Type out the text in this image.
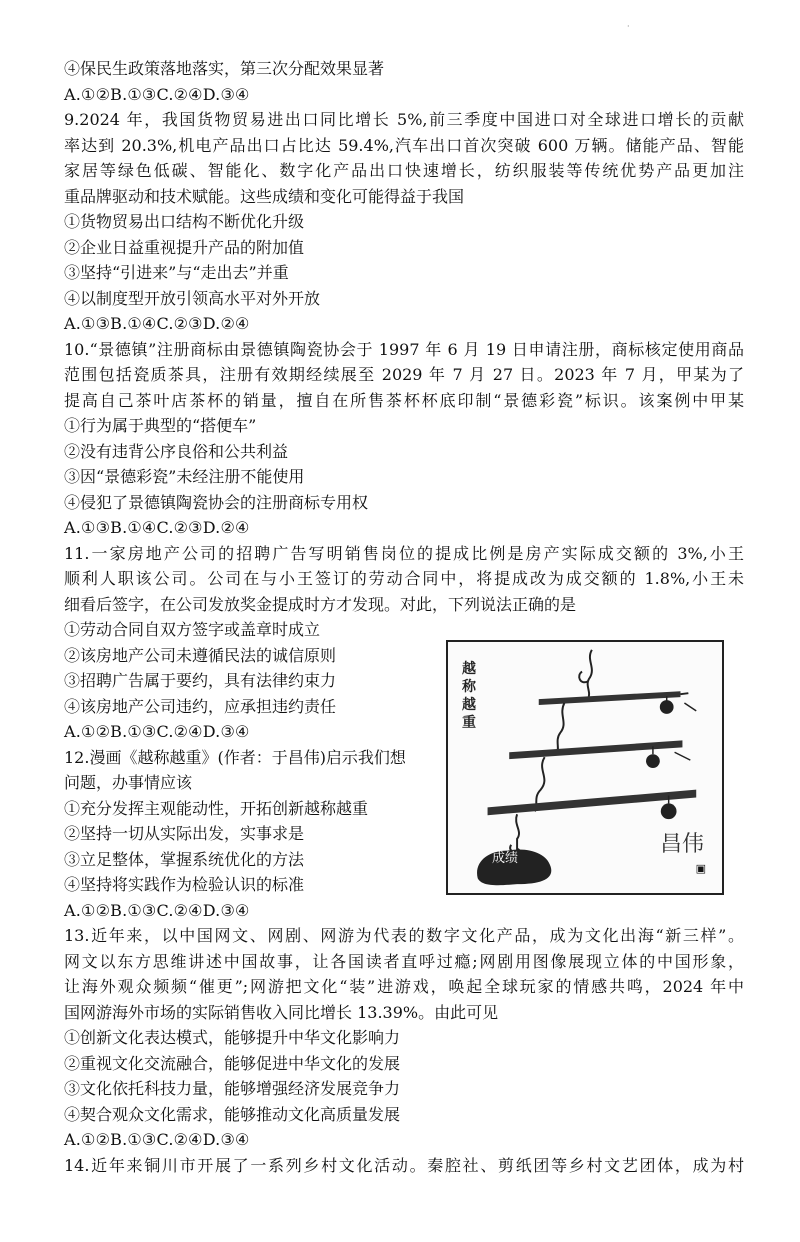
·
④保民生政策落地落实，第三次分配效果显著
A.①②B.①③C.②④D.③④
9.2024 年，我国货物贸易进出口同比增长 5%,前三季度中国进口对全球进口增长的贡献
率达到 20.3%,机电产品出口占比达 59.4%,汽车出口首次突破 600 万辆。储能产品、智能
家居等绿色低碳、智能化、数字化产品出口快速增长，纺织服装等传统优势产品更加注
重品牌驱动和技术赋能。这些成绩和变化可能得益于我国
①货物贸易出口结构不断优化升级
②企业日益重视提升产品的附加值
③坚持“引进来”与“走出去”并重
④以制度型开放引领高水平对外开放
A.①③B.①④C.②③D.②④
10.“景德镇”注册商标由景德镇陶瓷协会于 1997 年 6 月 19 日申请注册，商标核定使用商品
范围包括瓷质茶具，注册有效期经续展至 2029 年 7 月 27 日。2023 年 7 月，甲某为了
提高自己茶叶店茶杯的销量，擅自在所售茶杯杯底印制“景德彩瓷”标识。该案例中甲某
①行为属于典型的“搭便车”
②没有违背公序良俗和公共利益
③因“景德彩瓷”未经注册不能使用
④侵犯了景德镇陶瓷协会的注册商标专用权
A.①③B.①④C.②③D.②④
11.一家房地产公司的招聘广告写明销售岗位的提成比例是房产实际成交额的 3%,小王
顺利人职该公司。公司在与小王签订的劳动合同中，将提成改为成交额的 1.8%,小王未
细看后签字，在公司发放奖金提成时方才发现。对此，下列说法正确的是
①劳动合同自双方签字或盖章时成立
②该房地产公司未遵循民法的诚信原则
③招聘广告属于要约，具有法律约束力
④该房地产公司违约，应承担违约责任
A.①②B.①③C.②④D.③④
12.漫画《越称越重》(作者：于昌伟)启示我们想
问题，办事情应该
①充分发挥主观能动性，开拓创新越称越重
②坚持一切从实际出发，实事求是
③立足整体，掌握系统优化的方法
④坚持将实践作为检验认识的标准
A.①②B.①③C.②④D.③④
13.近年来，以中国网文、网剧、网游为代表的数字文化产品，成为文化出海“新三样”。
网文以东方思维讲述中国故事，让各国读者直呼过瘾;网剧用图像展现立体的中国形象，
让海外观众频频“催更”;网游把文化“装”进游戏，唤起全球玩家的情感共鸣，2024 年中
国网游海外市场的实际销售收入同比增长 13.39%。由此可见
①创新文化表达模式，能够提升中华文化影响力
②重视文化交流融合，能够促进中华文化的发展
③文化依托科技力量，能够增强经济发展竞争力
④契合观众文化需求，能够推动文化高质量发展
A.①②B.①③C.②④D.③④
14.近年来铜川市开展了一系列乡村文化活动。秦腔社、剪纸团等乡村文艺团体，成为村
越
称
越
重
成绩
昌伟
▣
